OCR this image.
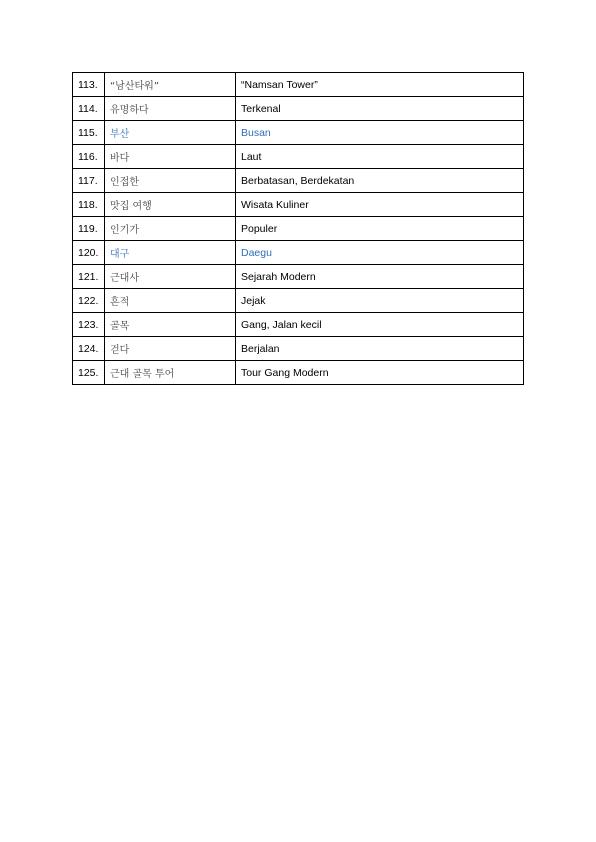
113.	“남산타워”	“Namsan Tower”
114.	유명하다	Terkenal
115.	부산	Busan
116.	바다	Laut
117.	인접한	Berbatasan, Berdekatan
118.	맛집 여행	Wisata Kuliner
119.	인기가	Populer
120.	대구	Daegu
121.	근대사	Sejarah Modern
122.	흔적	Jejak
123.	골목	Gang, Jalan kecil
124.	걷다	Berjalan
125.	근대 골목 투어	Tour Gang Modern
